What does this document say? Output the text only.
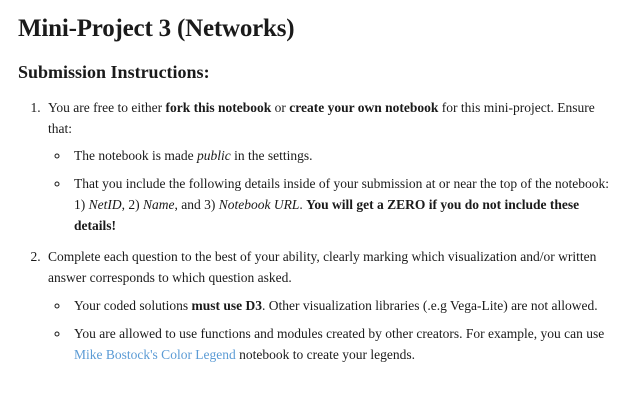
Mini-Project 3 (Networks)
Submission Instructions:
1. You are free to either fork this notebook or create your own notebook for this mini-project. Ensure that:
◦ The notebook is made public in the settings.
◦ That you include the following details inside of your submission at or near the top of the notebook: 1) NetID, 2) Name, and 3) Notebook URL. You will get a ZERO if you do not include these details!
2. Complete each question to the best of your ability, clearly marking which visualization and/or written answer corresponds to which question asked.
◦ Your coded solutions must use D3. Other visualization libraries (.e.g Vega-Lite) are not allowed.
◦ You are allowed to use functions and modules created by other creators. For example, you can use Mike Bostock's Color Legend notebook to create your legends.
